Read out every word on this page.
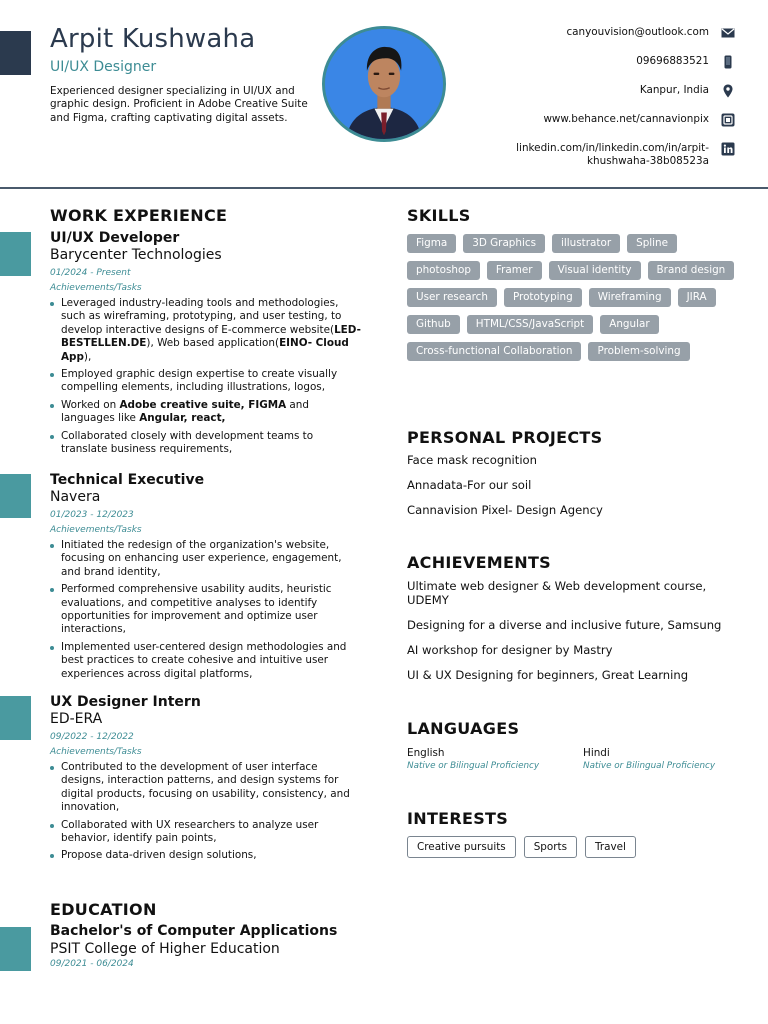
Arpit Kushwaha
UI/UX Designer

Experienced designer specializing in UI/UX and graphic design. Proficient in Adobe Creative Suite and Figma, crafting captivating digital assets.

canyouvision@outlook.com
09696883521
Kanpur, India
www.behance.net/cannavionpix
linkedin.com/in/linkedin.com/in/arpit-
khushwaha-38b08523a
WORK EXPERIENCE
UI/UX Developer
Barycenter Technologies
01/2024 - Present
Achievements/Tasks
Leveraged industry-leading tools and methodologies, such as wireframing, prototyping, and user testing, to develop interactive designs of E-commerce website(LED-BESTELLEN.DE), Web based application(EINO- Cloud App),
Employed graphic design expertise to create visually compelling elements, including illustrations, logos,
Worked on Adobe creative suite, FIGMA and languages like Angular, react,
Collaborated closely with development teams to translate business requirements,
Technical Executive
Navera
01/2023 - 12/2023
Achievements/Tasks
Initiated the redesign of the organization's website, focusing on enhancing user experience, engagement, and brand identity,
Performed comprehensive usability audits, heuristic evaluations, and competitive analyses to identify opportunities for improvement and optimize user interactions,
Implemented user-centered design methodologies and best practices to create cohesive and intuitive user experiences across digital platforms,
UX Designer Intern
ED-ERA
09/2022 - 12/2022
Achievements/Tasks
Contributed to the development of user interface designs, interaction patterns, and design systems for digital products, focusing on usability, consistency, and innovation,
Collaborated with UX researchers to analyze user behavior, identify pain points,
Propose data-driven design solutions,
EDUCATION
Bachelor's of Computer Applications
PSIT College of Higher Education
09/2021 - 06/2024
SKILLS
Figma	3D Graphics	illustrator	Spline
photoshop	Framer	Visual identity	Brand design
User research	Prototyping	Wireframing	JIRA
Github	HTML/CSS/JavaScript	Angular
Cross-functional Collaboration	Problem-solving
PERSONAL PROJECTS
Face mask recognition
Annadata-For our soil
Cannavision Pixel- Design Agency
ACHIEVEMENTS
Ultimate web designer & Web development course, UDEMY
Designing for a diverse and inclusive future, Samsung
AI workshop for designer by Mastry
UI & UX Designing for beginners, Great Learning
LANGUAGES
English
Native or Bilingual Proficiency
Hindi
Native or Bilingual Proficiency
INTERESTS
Creative pursuits	Sports	Travel
